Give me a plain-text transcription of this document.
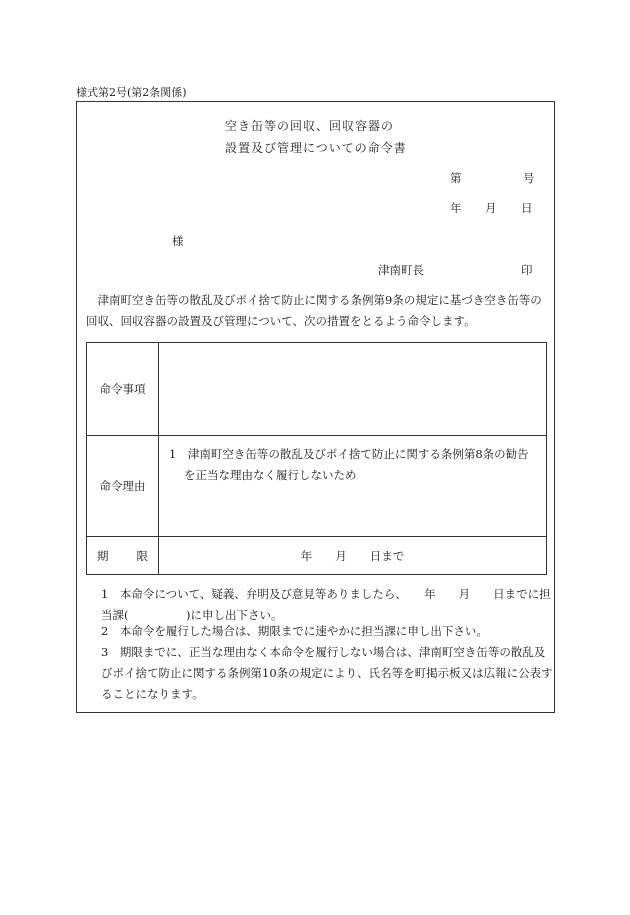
様式第2号(第2条関係)
空き缶等の回収、回収容器の
設置及び管理についての命令書
第	号
年 月 日
様
津南町長	印
津南町空き缶等の散乱及びポイ捨て防止に関する条例第9条の規定に基づき空き缶等の回収、回収容器の設置及び管理について、次の措置をとるよう命令します。
命令事項	
命令理由	1　津南町空き缶等の散乱及びポイ捨て防止に関する条例第8条の勧告を正当な理由なく履行しないため

期 限	年　　月　　日まで
1　本命令について、疑義、弁明及び意見等ありましたら、　　年　　月　　日までに担当課(　　　　　)に申し出下さい。
2　本命令を履行した場合は、期限までに速やかに担当課に申し出下さい。
3　期限までに、正当な理由なく本命令を履行しない場合は、津南町空き缶等の散乱及びポイ捨て防止に関する条例第10条の規定により、氏名等を町掲示板又は広報に公表することになります。
